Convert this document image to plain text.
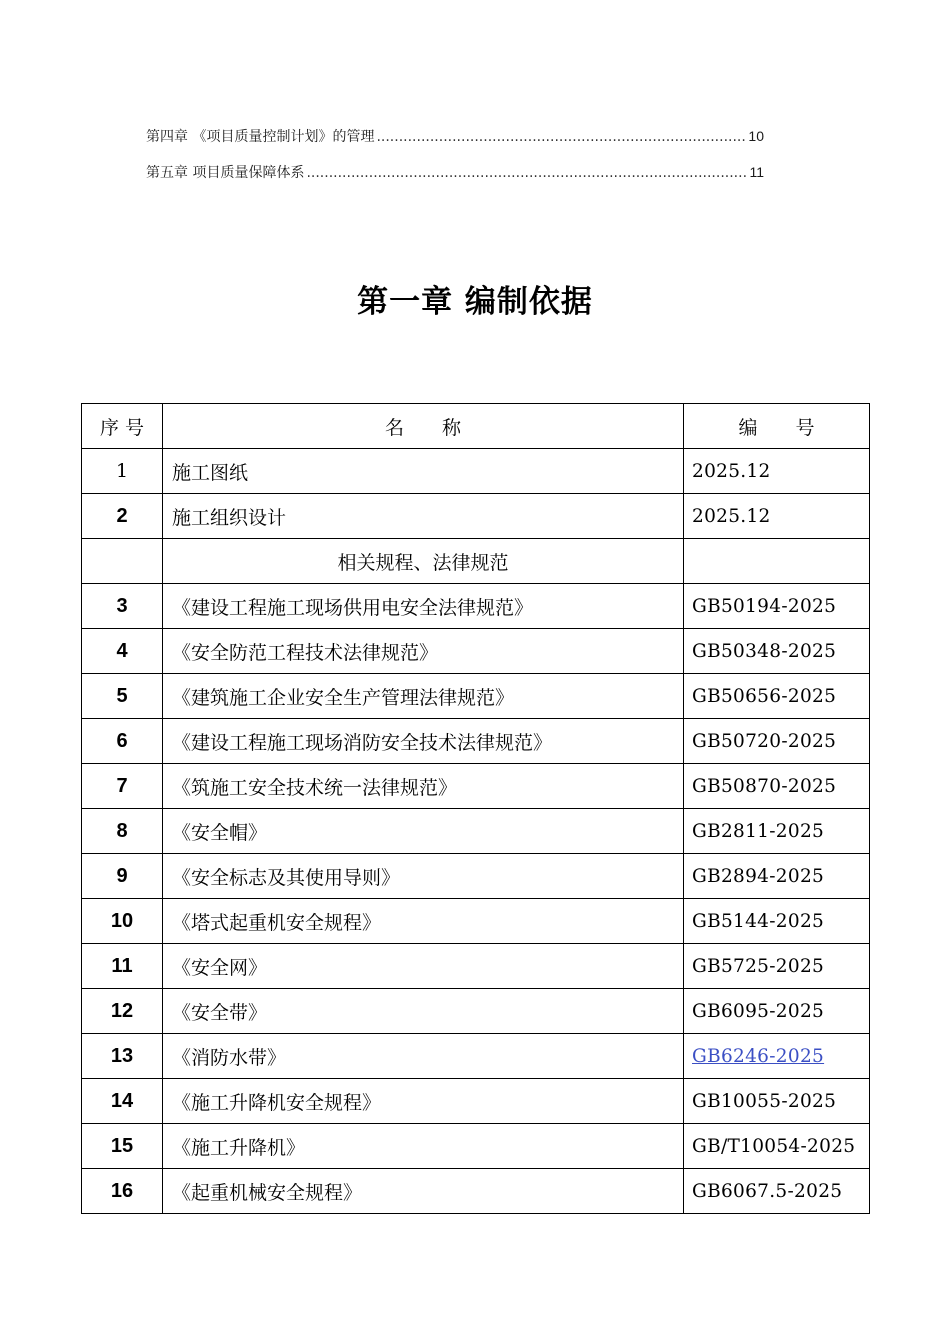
第四章 《项目质量控制计划》的管理 .....	10
第五章 项目质量保障体系 .....	11
第一章 编制依据
序 号	名　　称	编　　号
1	施工图纸	2025.12
2	施工组织设计	2025.12
	相关规程、法律规范	
3	《建设工程施工现场供用电安全法律规范》	GB50194-2025
4	《安全防范工程技术法律规范》	GB50348-2025
5	《建筑施工企业安全生产管理法律规范》	GB50656-2025
6	《建设工程施工现场消防安全技术法律规范》	GB50720-2025
7	《筑施工安全技术统一法律规范》	GB50870-2025
8	《安全帽》	GB2811-2025
9	《安全标志及其使用导则》	GB2894-2025
10	《塔式起重机安全规程》	GB5144-2025
11	《安全网》	GB5725-2025
12	《安全带》	GB6095-2025
13	《消防水带》	GB6246-2025
14	《施工升降机安全规程》	GB10055-2025
15	《施工升降机》	GB/T10054-2025
16	《起重机械安全规程》	GB6067.5-2025
